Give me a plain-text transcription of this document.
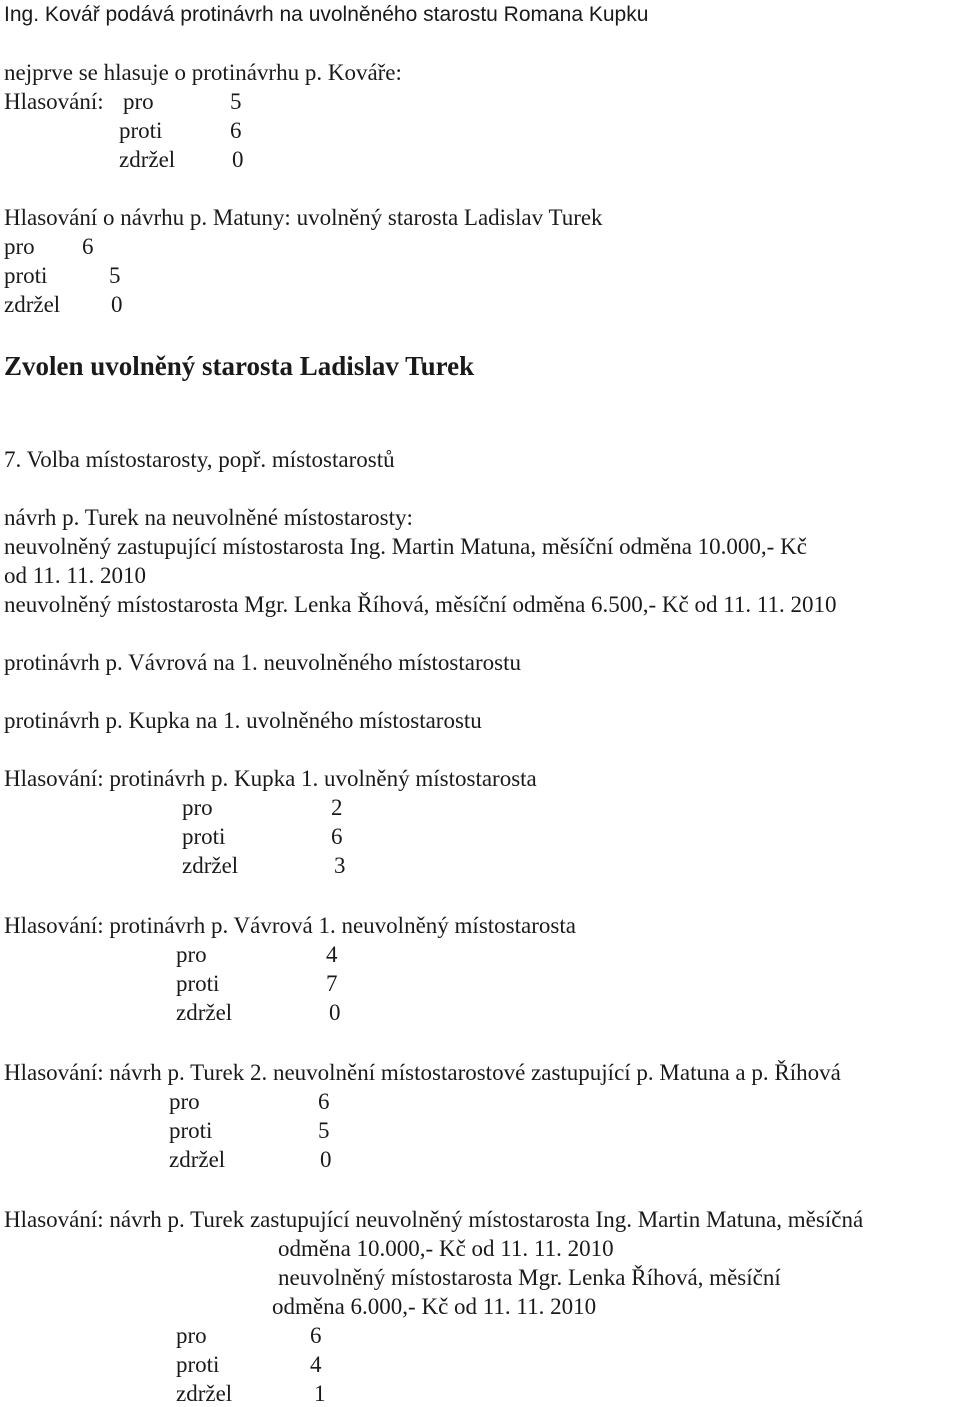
Ing. Kovář podává protinávrh na uvolněného starostu Romana Kupku
nejprve se hlasuje o protinávrhu p. Kováře:
Hlasování: pro	5
proti	6
zdržel 0
Hlasování o návrhu p. Matuny: uvolněný starosta Ladislav Turek
pro 6
proti	5
zdržel 0
Zvolen uvolněný starosta Ladislav Turek
7. Volba místostarosty, popř. místostarostů
návrh p. Turek na neuvolněné místostarosty:
neuvolněný zastupující místostarosta Ing. Martin Matuna, měsíční odměna 10.000,- Kč
od 11. 11. 2010
neuvolněný místostarosta Mgr. Lenka Říhová, měsíční odměna 6.500,- Kč od 11. 11. 2010
protinávrh p. Vávrová na 1. neuvolněného místostarostu
protinávrh p. Kupka na 1. uvolněného místostarostu
Hlasování: protinávrh p. Kupka 1. uvolněný místostarosta
pro	2
proti	6
zdržel	3
Hlasování: protinávrh p. Vávrová 1. neuvolněný místostarosta
pro	4
proti	7
zdržel	0
Hlasování: návrh p. Turek 2. neuvolnění místostarostové zastupující p. Matuna a p. Říhová
pro	6
proti	5
zdržel	0
Hlasování: návrh p. Turek zastupující neuvolněný místostarosta Ing. Martin Matuna, měsíčná
odměna 10.000,- Kč od 11. 11. 2010
neuvolněný místostarosta Mgr. Lenka Říhová, měsíční
odměna 6.000,- Kč od 11. 11. 2010
pro	6
proti	4
zdržel	1
